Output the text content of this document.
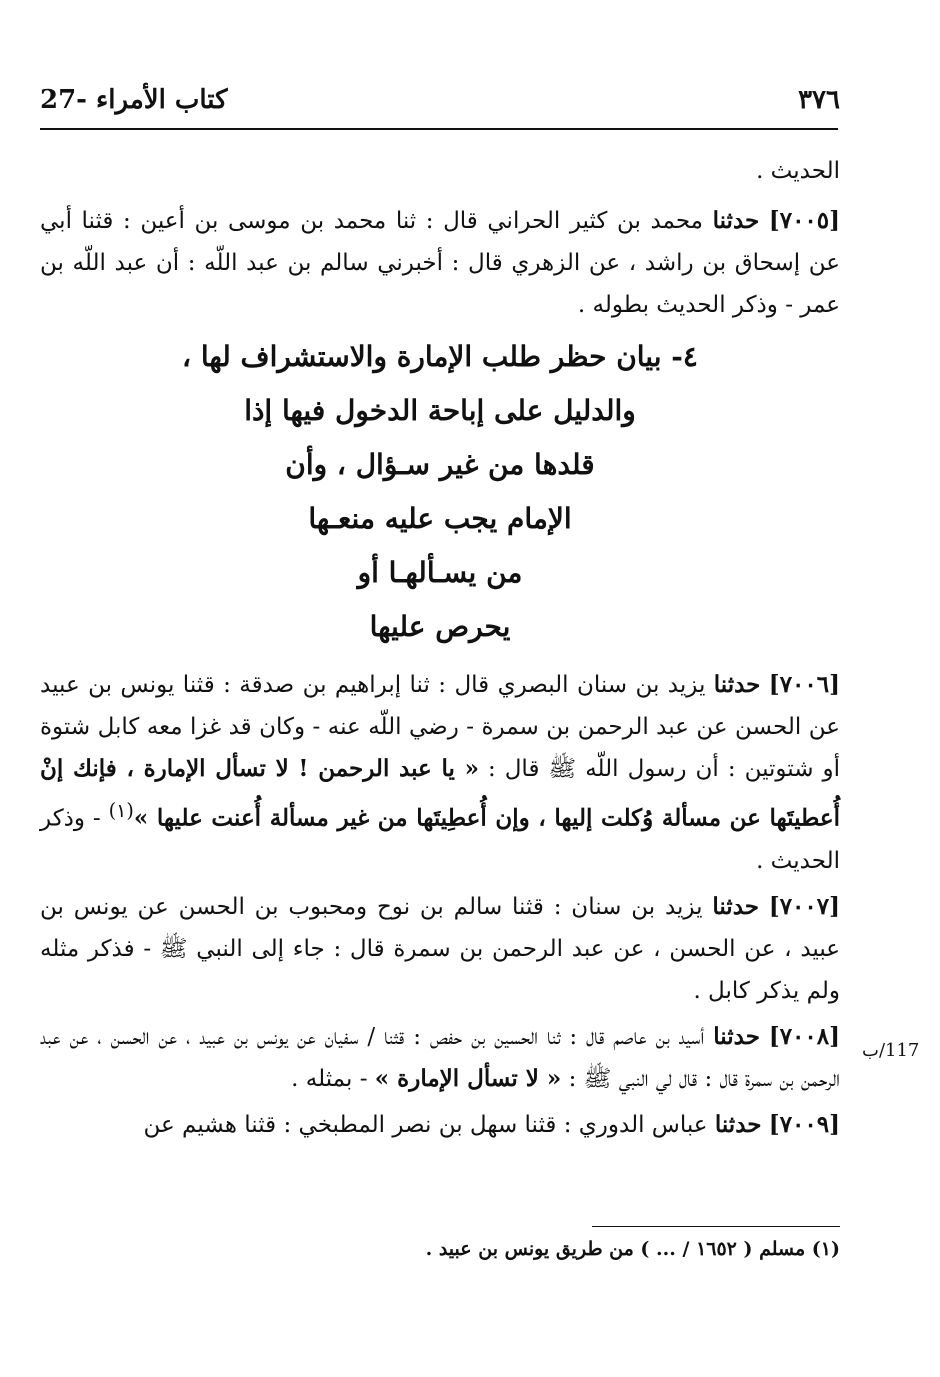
27- كتاب الأمراء	٣٧٦

الحديث .

[٧٠٠٥] حدثنا محمد بن كثير الحراني قال : ثنا محمد بن موسى بن أعين : قثنا أبي عن إسحاق بن راشد ، عن الزهري قال : أخبرني سالم بن عبد اللّه : أن عبد اللّه بن عمر - وذكر الحديث بطوله .

٤- بيان حظر طلب الإمارة والاستشراف لها ،
والدليل على إباحة الدخول فيها إذا
قلدها من غير سـؤال ، وأن
الإمام يجب عليه منعـها
من يسـألهـا أو
يحرص عليها

[٧٠٠٦] حدثنا يزيد بن سنان البصري قال : ثنا إبراهيم بن صدقة : قثنا يونس بن عبيد عن الحسن عن عبد الرحمن بن سمرة - رضي اللّه عنه - وكان قد غزا معه كابل شتوة أو شتوتين : أن رسول اللّه ﷺ قال : « يا عبد الرحمن ! لا تسأل الإمارة ، فإنك إنْ أُعطيتَها عن مسألة وُكلت إليها ، وإن أُعطِيتَها من غير مسألة أُعنت عليها »$^{(١)}$ - وذكر الحديث .

[٧٠٠٧] حدثنا يزيد بن سنان : قثنا سالم بن نوح ومحبوب بن الحسن عن يونس بن عبيد ، عن الحسن ، عن عبد الرحمن بن سمرة قال : جاء إلى النبي ﷺ - فذكر مثله ولم يذكر كابل .

[٧٠٠٨] حدثنا أسيد بن عاصم قال : ثنا الحسين بن حفص : قثنا / سفيان عن يونس بن عبيد ، عن الحسن ، عن عبد الرحمن بن سمرة قال : قال لي النبي ﷺ : « لا تسأل الإمارة » - بمثله .

[٧٠٠٩] حدثنا عباس الدوري : قثنا سهل بن نصر المطبخي : قثنا هشيم عن

117/ب
(١) مسلم ( ١٦٥٢ / ... ) من طريق يونس بن عبيد .
